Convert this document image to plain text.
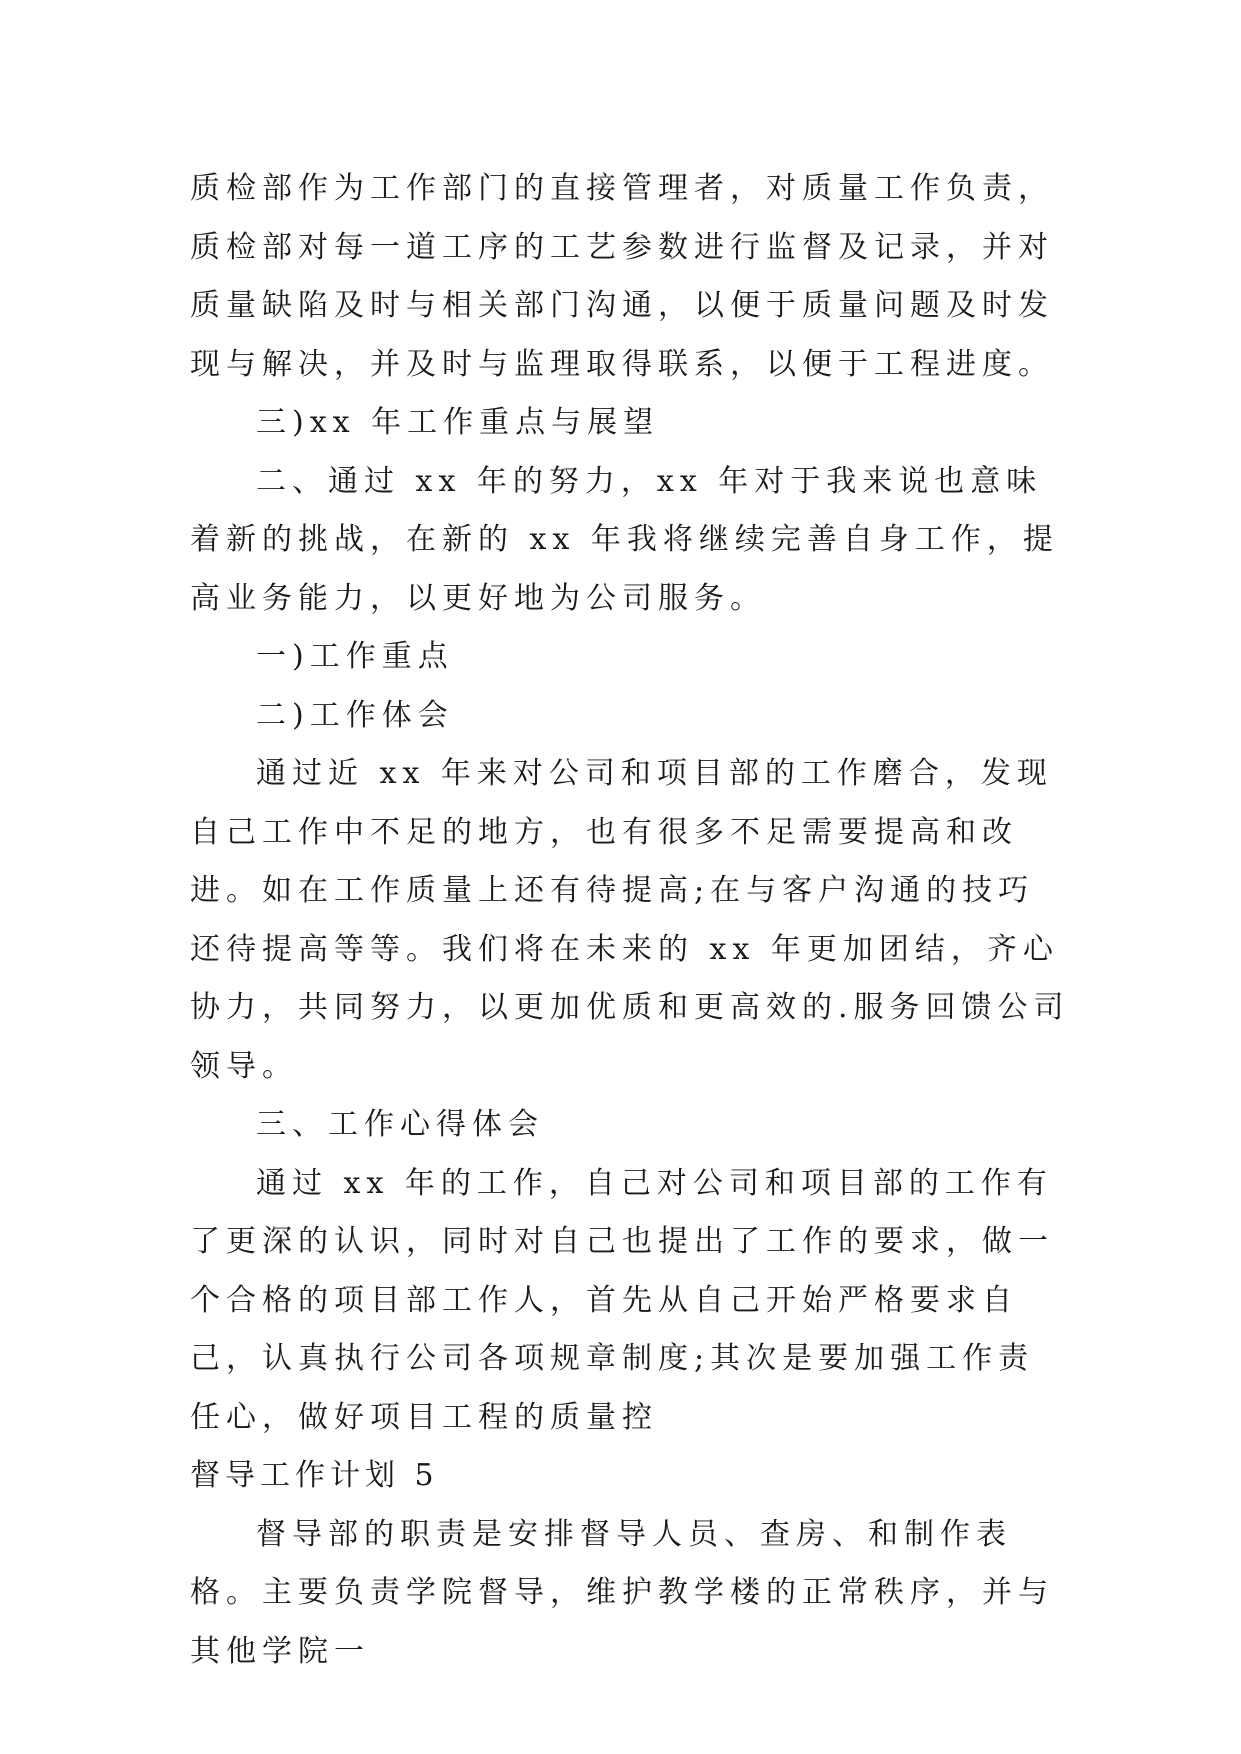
质检部作为工作部门的直接管理者，对质量工作负责，质检部对每一道工序的工艺参数进行监督及记录，并对质量缺陷及时与相关部门沟通，以便于质量问题及时发现与解决，并及时与监理取得联系，以便于工程进度。

三)xx 年工作重点与展望

二、通过 xx 年的努力，xx 年对于我来说也意味着新的挑战，在新的 xx 年我将继续完善自身工作，提高业务能力，以更好地为公司服务。

一)工作重点

二)工作体会

通过近 xx 年来对公司和项目部的工作磨合，发现自己工作中不足的地方，也有很多不足需要提高和改进。如在工作质量上还有待提高;在与客户沟通的技巧还待提高等等。我们将在未来的 xx 年更加团结，齐心协力，共同努力，以更加优质和更高效的.服务回馈公司领导。

三、工作心得体会

通过 xx 年的工作，自己对公司和项目部的工作有了更深的认识，同时对自己也提出了工作的要求，做一个合格的项目部工作人，首先从自己开始严格要求自己，认真执行公司各项规章制度;其次是要加强工作责任心，做好项目工程的质量控

督导工作计划 5

督导部的职责是安排督导人员、查房、和制作表格。主要负责学院督导，维护教学楼的正常秩序，并与其他学院一
